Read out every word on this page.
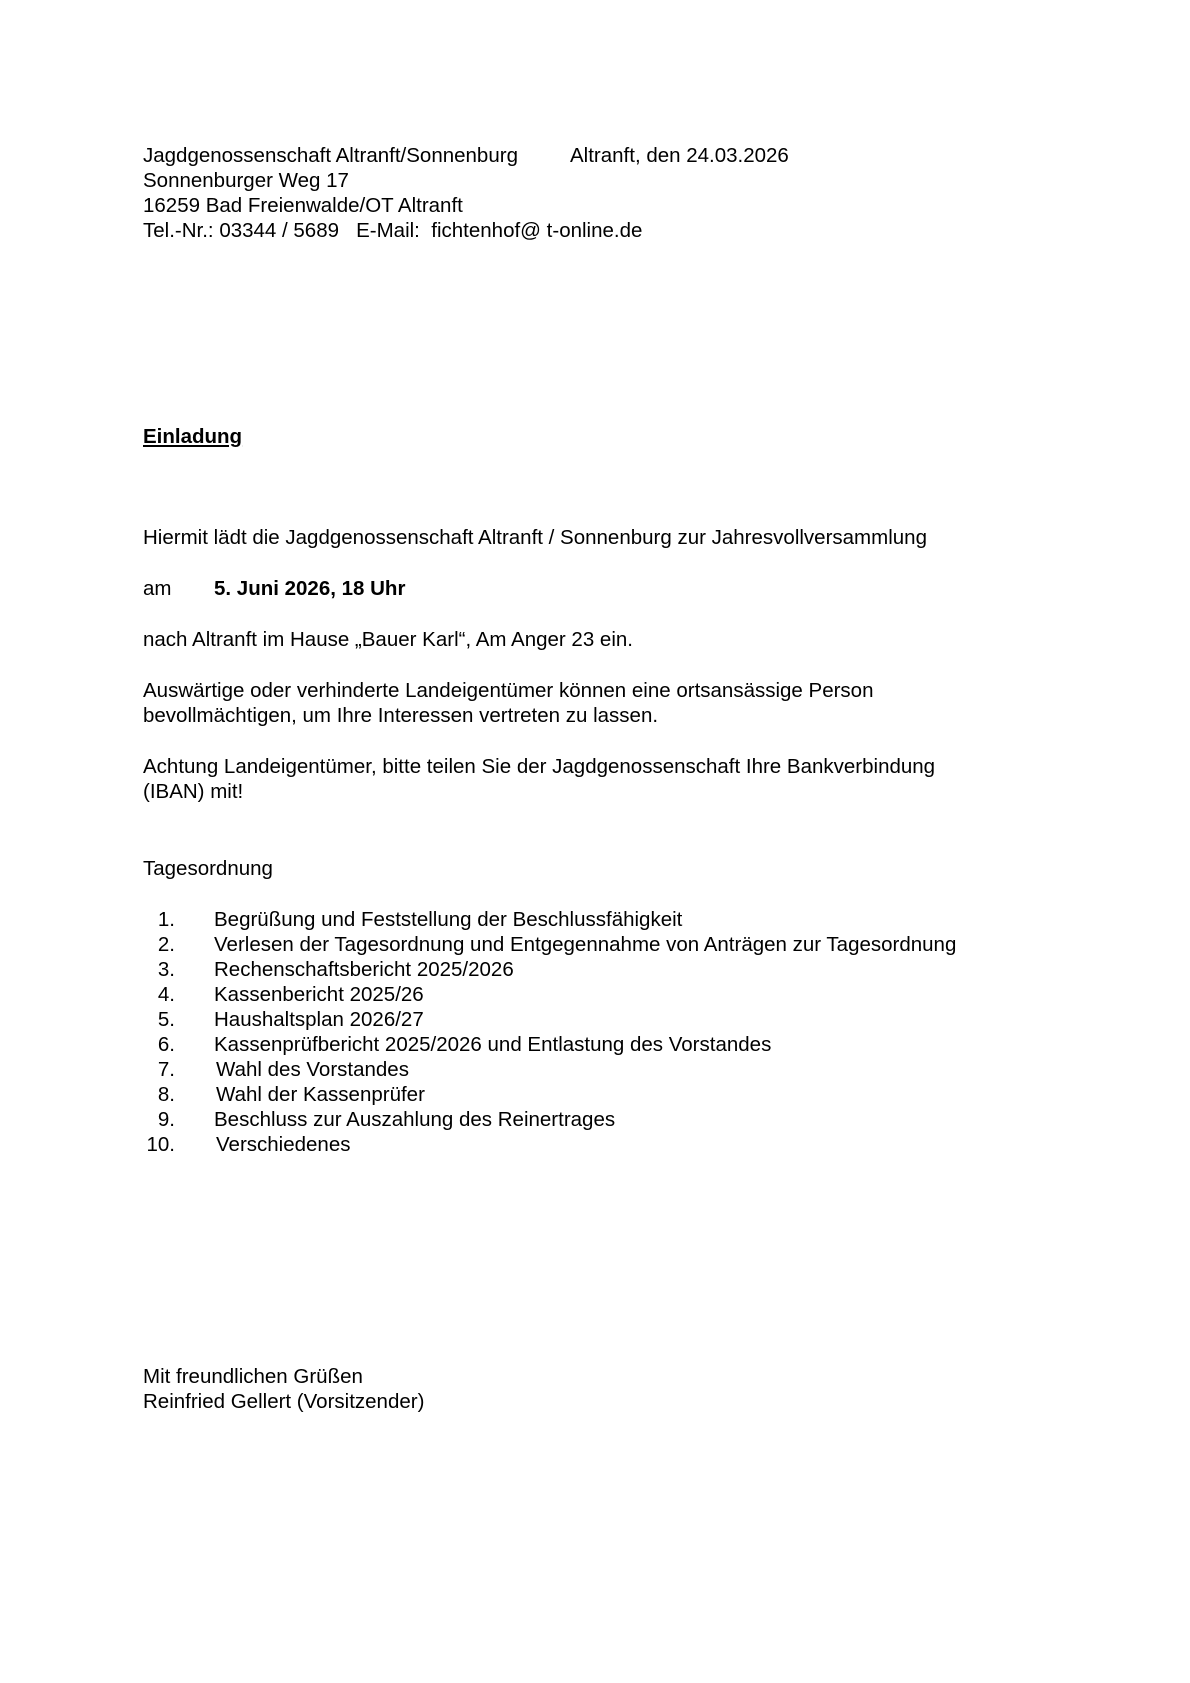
Jagdgenossenschaft Altranft/Sonnenburg	Altranft, den 24.03.2026
Sonnenburger Weg 17
16259 Bad Freienwalde/OT Altranft
Tel.-Nr.: 03344 / 5689   E-Mail:  fichtenhof@ t-online.de
Einladung
Hiermit lädt die Jagdgenossenschaft Altranft / Sonnenburg zur Jahresvollversammlung
am 5. Juni 2026, 18 Uhr
nach Altranft im Hause „Bauer Karl“, Am Anger 23 ein.
Auswärtige oder verhinderte Landeigentümer können eine ortsansässige Person
bevollmächtigen, um Ihre Interessen vertreten zu lassen.
Achtung Landeigentümer, bitte teilen Sie der Jagdgenossenschaft Ihre Bankverbindung
(IBAN) mit!
Tagesordnung
1. Begrüßung und Feststellung der Beschlussfähigkeit
2. Verlesen der Tagesordnung und Entgegennahme von Anträgen zur Tagesordnung
3. Rechenschaftsbericht 2025/2026
4. Kassenbericht 2025/26
5. Haushaltsplan 2026/27
6. Kassenprüfbericht 2025/2026 und Entlastung des Vorstandes
7. Wahl des Vorstandes
8. Wahl der Kassenprüfer
9. Beschluss zur Auszahlung des Reinertrages
10. Verschiedenes
Mit freundlichen Grüßen
Reinfried Gellert (Vorsitzender)
